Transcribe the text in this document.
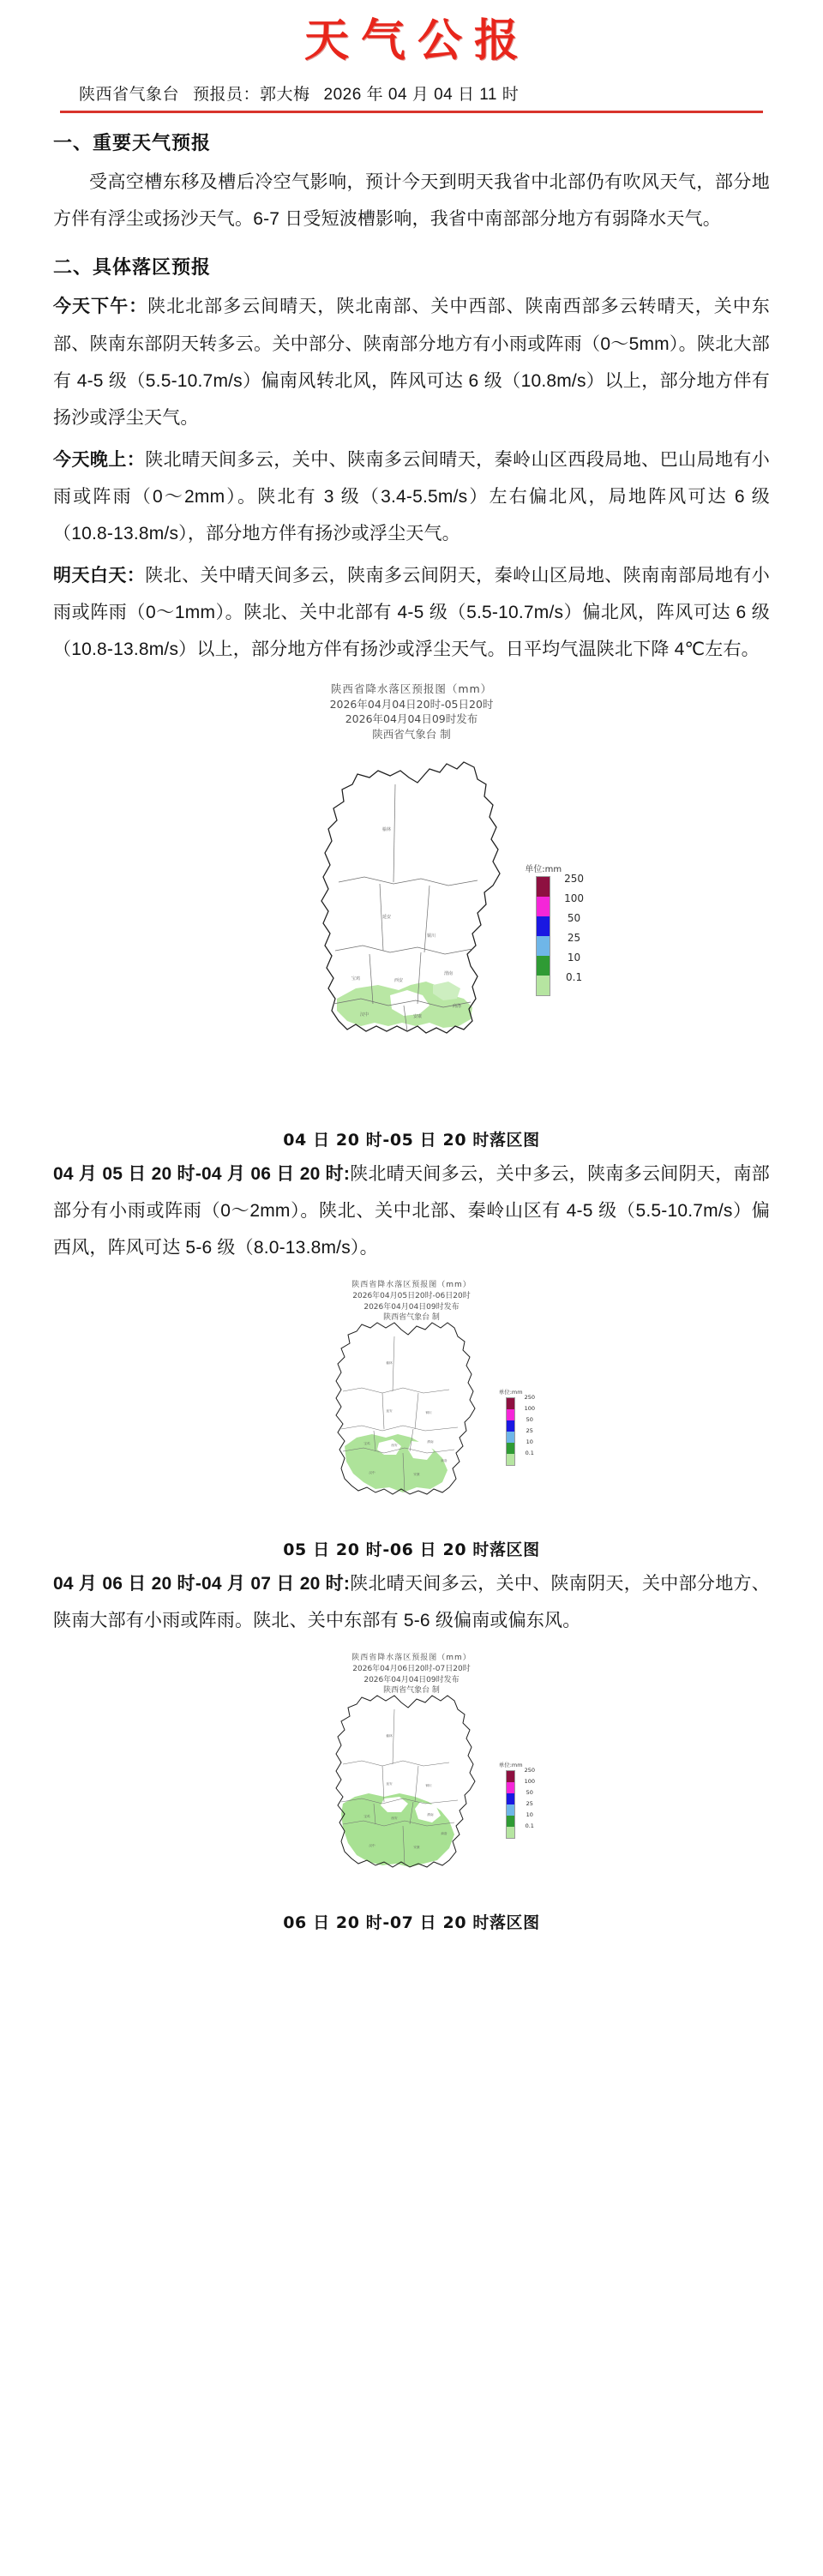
天气公报
陕西省气象台 预报员：郭大梅 2026 年 04 月 04 日 11 时
一、重要天气预报

受高空槽东移及槽后冷空气影响，预计今天到明天我省中北部仍有吹风天气，部分地方伴有浮尘或扬沙天气。6-7 日受短波槽影响，我省中南部部分地方有弱降水天气。

二、具体落区预报

今天下午：陕北北部多云间晴天，陕北南部、关中西部、陕南西部多云转晴天，关中东部、陕南东部阴天转多云。关中部分、陕南部分地方有小雨或阵雨（0～5mm）。陕北大部有 4-5 级（5.5-10.7m/s）偏南风转北风，阵风可达 6 级（10.8m/s）以上，部分地方伴有扬沙或浮尘天气。

今天晚上：陕北晴天间多云，关中、陕南多云间晴天，秦岭山区西段局地、巴山局地有小雨或阵雨（0～2mm）。陕北有 3 级（3.4-5.5m/s）左右偏北风，局地阵风可达 6 级（10.8-13.8m/s），部分地方伴有扬沙或浮尘天气。

明天白天：陕北、关中晴天间多云，陕南多云间阴天，秦岭山区局地、陕南南部局地有小雨或阵雨（0～1mm）。陕北、关中北部有 4-5 级（5.5-10.7m/s）偏北风，阵风可达 6 级（10.8-13.8m/s）以上，部分地方伴有扬沙或浮尘天气。日平均气温陕北下降 4℃左右。

陕西省降水落区预报图（mm）
2026年04月04日20时-05日20时
2026年04月04日09时发布
陕西省气象台 制
榆林
延安
铜川
宝鸡	西安
渭南
汉中	安康
商洛
单位:mm
250
100
50
25
10
0.1
04 日 20 时-05 日 20 时落区图

04 月 05 日 20 时-04 月 06 日 20 时:陕北晴天间多云，关中多云，陕南多云间阴天，南部部分有小雨或阵雨（0～2mm）。陕北、关中北部、秦岭山区有 4-5 级（5.5-10.7m/s）偏西风，阵风可达 5-6 级（8.0-13.8m/s）。

陕西省降水落区预报图（mm）
2026年04月05日20时-06日20时
2026年04月04日09时发布
陕西省气象台 制
榆林
延安	铜川
宝鸡	西安
渭南
汉中	安康
商洛
单位:mm
250
100
50
25
10
0.1
05 日 20 时-06 日 20 时落区图

04 月 06 日 20 时-04 月 07 日 20 时:陕北晴天间多云，关中、陕南阴天，关中部分地方、陕南大部有小雨或阵雨。陕北、关中东部有 5-6 级偏南或偏东风。

陕西省降水落区预报图（mm）
2026年04月06日20时-07日20时
2026年04月04日09时发布
陕西省气象台 制
榆林
延安	铜川
宝鸡	西安
渭南
汉中	安康
商洛
单位:mm
250
100
50
25
10
0.1
06 日 20 时-07 日 20 时落区图
